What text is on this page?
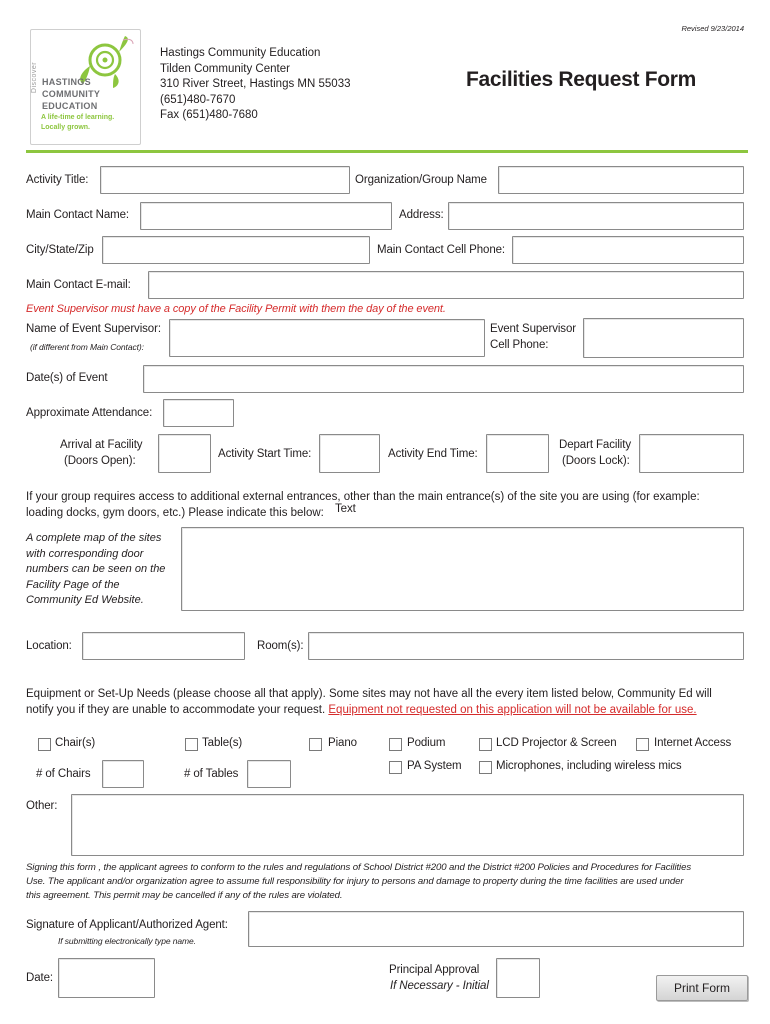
Revised 9/23/2014
Discover HASTINGS
COMMUNITY
EDUCATION
A life-time of learning.
Locally grown.
Hastings Community Education
Tilden Community Center
310 River Street, Hastings MN 55033
(651)480-7670
Fax (651)480-7680
Facilities Request Form
Activity Title:	Organization/Group Name
Main Contact Name:	Address:
City/State/Zip	Main Contact Cell Phone:
Main Contact E-mail:
Event Supervisor must have a copy of the Facility Permit with them the day of the event.
Name of Event Supervisor:
(if different from Main Contact):
Event Supervisor
Cell Phone:
Date(s) of Event
Approximate Attendance:
Arrival at Facility
(Doors Open):
Activity Start Time:	Activity End Time:
Depart Facility
(Doors Lock):
If your group requires access to additional external entrances, other than the main entrance(s) of the site you are using (for example:
loading docks, gym doors, etc.) Please indicate this below: Text
A complete map of the sites
with corresponding door
numbers can be seen on the
Facility Page of the
Community Ed Website.
Location:	Room(s):
Equipment or Set-Up Needs (please choose all that apply). Some sites may not have all the every item listed below, Community Ed will
notify you if they are unable to accommodate your request. Equipment not requested on this application will not be available for use.
Chair(s)	Table(s)	Piano	Podium	LCD Projector & Screen	Internet Access
# of Chairs	# of Tables
PA System	Microphones, including wireless mics
Other:
Signing this form , the applicant agrees to conform to the rules and regulations of School District #200 and the District #200 Policies and Procedures for Facilities
Use. The applicant and/or organization agree to assume full responsibility for injury to persons and damage to property during the time facilities are used under
this agreement. This permit may be cancelled if any of the rules are violated.
Signature of Applicant/Authorized Agent:
If submitting electronically type name.
Date:
Principal Approval
If Necessary - Initial	Print Form
